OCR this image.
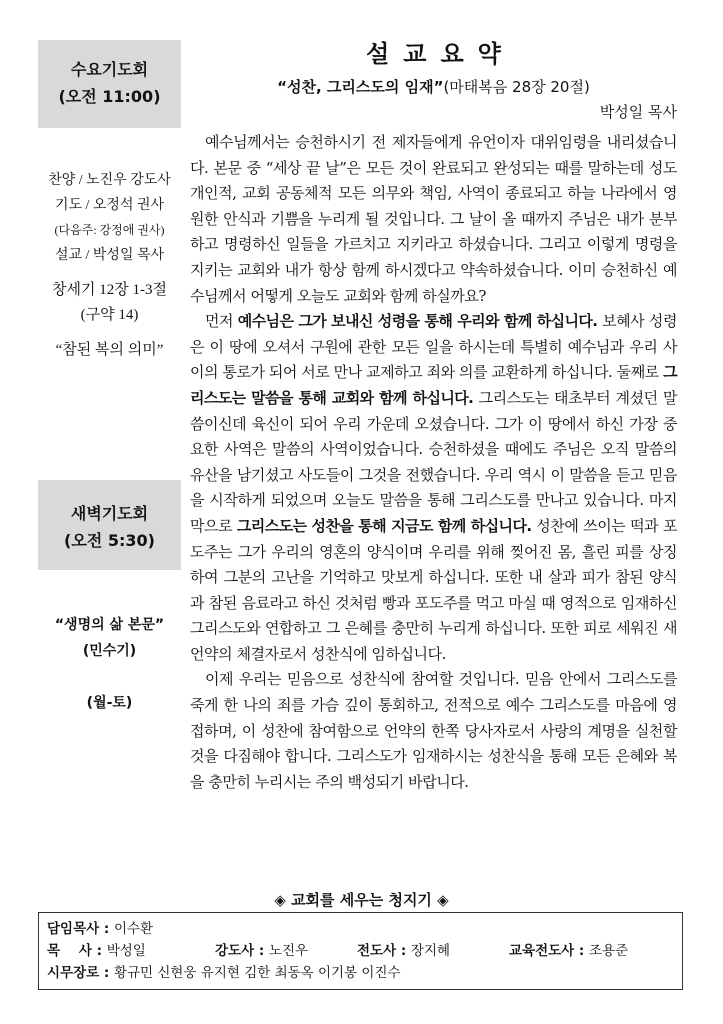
수요기도회
(오전 11:00)
찬양 / 노진우 강도사
기도 / 오정석 권사
(다음주: 강정애 권사)
설교 / 박성일 목사
창세기 12장 1-3절
(구약 14)
“참된 복의 의미”
새벽기도회
(오전 5:30)
“생명의 삶 본문”
(민수기)
(월-토)
설교요약
“성찬, 그리스도의 임재”(마태복음 28장 20절)
박성일 목사

예수님께서는 승천하시기 전 제자들에게 유언이자 대위임령을 내리셨습니다. 본문 중 “세상 끝 날”은 모든 것이 완료되고 완성되는 때를 말하는데 성도 개인적, 교회 공동체적 모든 의무와 책임, 사역이 종료되고 하늘 나라에서 영원한 안식과 기쁨을 누리게 될 것입니다. 그 날이 올 때까지 주님은 내가 분부하고 명령하신 일들을 가르치고 지키라고 하셨습니다. 그리고 이렇게 명령을 지키는 교회와 내가 항상 함께 하시겠다고 약속하셨습니다. 이미 승천하신 예수님께서 어떻게 오늘도 교회와 함께 하실까요?

먼저 예수님은 그가 보내신 성령을 통해 우리와 함께 하십니다. 보혜사 성령은 이 땅에 오셔서 구원에 관한 모든 일을 하시는데 특별히 예수님과 우리 사이의 통로가 되어 서로 만나 교제하고 죄와 의를 교환하게 하십니다. 둘째로 그리스도는 말씀을 통해 교회와 함께 하십니다. 그리스도는 태초부터 계셨던 말씀이신데 육신이 되어 우리 가운데 오셨습니다. 그가 이 땅에서 하신 가장 중요한 사역은 말씀의 사역이었습니다. 승천하셨을 때에도 주님은 오직 말씀의 유산을 남기셨고 사도들이 그것을 전했습니다. 우리 역시 이 말씀을 듣고 믿음을 시작하게 되었으며 오늘도 말씀을 통해 그리스도를 만나고 있습니다. 마지막으로 그리스도는 성찬을 통해 지금도 함께 하십니다. 성찬에 쓰이는 떡과 포도주는 그가 우리의 영혼의 양식이며 우리를 위해 찢어진 몸, 흘린 피를 상징하여 그분의 고난을 기억하고 맛보게 하십니다. 또한 내 살과 피가 참된 양식과 참된 음료라고 하신 것처럼 빵과 포도주를 먹고 마실 때 영적으로 임재하신 그리스도와 연합하고 그 은혜를 충만히 누리게 하십니다. 또한 피로 세워진 새 언약의 체결자로서 성찬식에 임하십니다.

이제 우리는 믿음으로 성찬식에 참여할 것입니다. 믿음 안에서 그리스도를 죽게 한 나의 죄를 가슴 깊이 통회하고, 전적으로 예수 그리스도를 마음에 영접하며, 이 성찬에 참여함으로 언약의 한쪽 당사자로서 사랑의 계명을 실천할 것을 다짐해야 합니다. 그리스도가 임재하시는 성찬식을 통해 모든 은혜와 복을 충만히 누리시는 주의 백성되기 바랍니다.

◈ 교회를 세우는 청지기 ◈
담임목사 : 이수환
목    사 : 박성일	강도사 : 노진우	전도사 : 장지혜	교육전도사 : 조용준
시무장로 : 황규민 신현웅 유지현 김한 최동옥 이기봉 이진수
